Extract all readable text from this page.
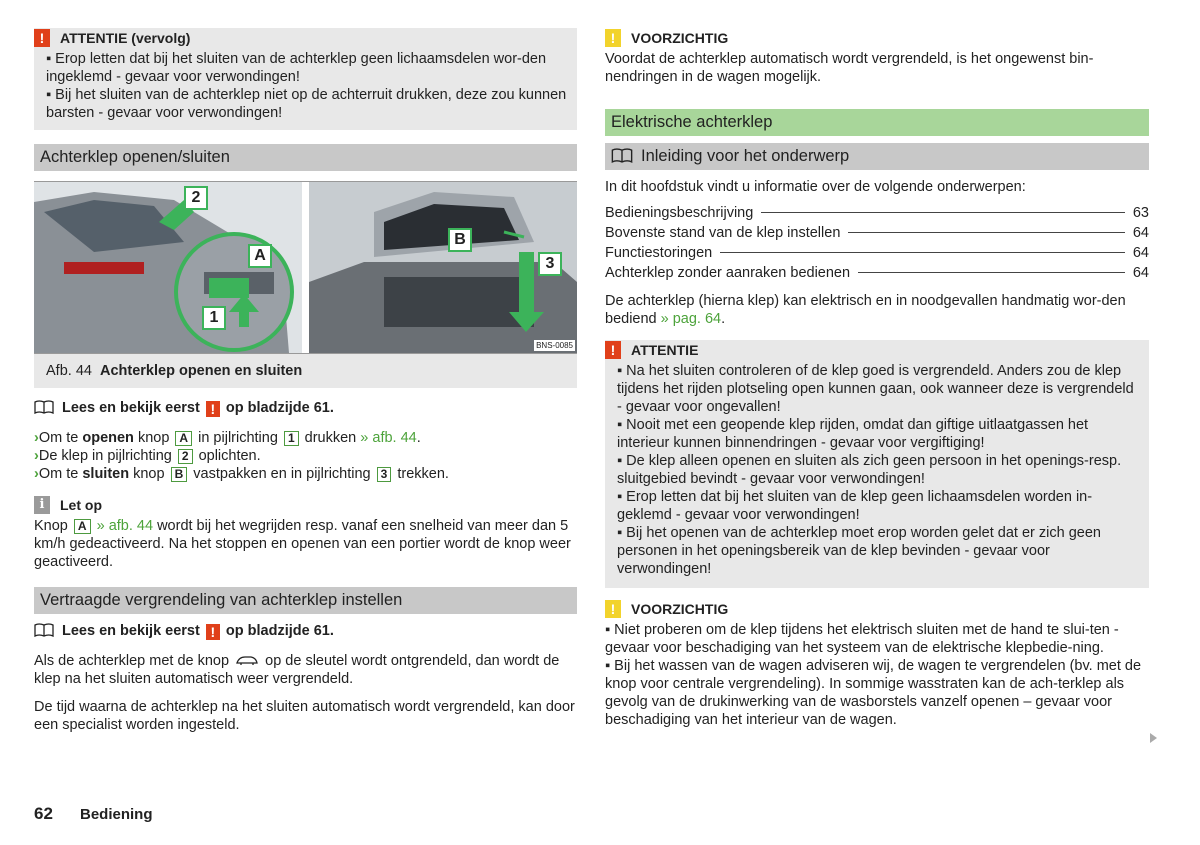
!	ATTENTIE (vervolg)

▪ Erop letten dat bij het sluiten van de achterklep geen lichaamsdelen wor-den ingeklemd - gevaar voor verwondingen!

▪ Bij het sluiten van de achterklep niet op de achterruit drukken, deze zou kunnen barsten - gevaar voor verwondingen!

Achterklep openen/sluiten
2
A
1
B
3
BNS-0085
Afb. 44 Achterklep openen en sluiten

Lees en bekijk eerst ! op bladzijde 61.

›Om te openen knop A in pijlrichting 1 drukken » afb. 44.

›De klep in pijlrichting 2 oplichten.

›Om te sluiten knop B vastpakken en in pijlrichting 3 trekken.

i	Let op

Knop A » afb. 44 wordt bij het wegrijden resp. vanaf een snelheid van meer dan 5 km/h gedeactiveerd. Na het stoppen en openen van een portier wordt de knop weer geactiveerd.

Vertraagde vergrendeling van achterklep instellen

Lees en bekijk eerst ! op bladzijde 61.

Als de achterklep met de knop op de sleutel wordt ontgrendeld, dan wordt de klep na het sluiten automatisch weer vergrendeld.

De tijd waarna de achterklep na het sluiten automatisch wordt vergrendeld, kan door een specialist worden ingesteld.

!	VOORZICHTIG

Voordat de achterklep automatisch wordt vergrendeld, is het ongewenst bin-nendringen in de wagen mogelijk.

Elektrische achterklep
Inleiding voor het onderwerp

In dit hoofdstuk vindt u informatie over de volgende onderwerpen:

Bedieningsbeschrijving	63
Bovenste stand van de klep instellen	64
Functiestoringen	64
Achterklep zonder aanraken bedienen	64

De achterklep (hierna klep) kan elektrisch en in noodgevallen handmatig wor-den bediend » pag. 64.

!	ATTENTIE

▪ Na het sluiten controleren of de klep goed is vergrendeld. Anders zou de klep tijdens het rijden plotseling open kunnen gaan, ook wanneer deze is vergrendeld - gevaar voor ongevallen!

▪ Nooit met een geopende klep rijden, omdat dan giftige uitlaatgassen het interieur kunnen binnendringen - gevaar voor vergiftiging!

▪ De klep alleen openen en sluiten als zich geen persoon in het openings-resp. sluitgebied bevindt - gevaar voor verwondingen!

▪ Erop letten dat bij het sluiten van de klep geen lichaamsdelen worden in-geklemd - gevaar voor verwondingen!

▪ Bij het openen van de achterklep moet erop worden gelet dat er zich geen personen in het openingsbereik van de klep bevinden - gevaar voor verwondingen!

!	VOORZICHTIG

▪ Niet proberen om de klep tijdens het elektrisch sluiten met de hand te slui-ten - gevaar voor beschadiging van het systeem van de elektrische klepbedie-ning.

▪ Bij het wassen van de wagen adviseren wij, de wagen te vergrendelen (bv. met de knop voor centrale vergrendeling). In sommige wasstraten kan de ach-terklep als gevolg van de drukinwerking van de wasborstels vanzelf openen – gevaar voor beschadiging van het interieur van de wagen.

62 Bediening
